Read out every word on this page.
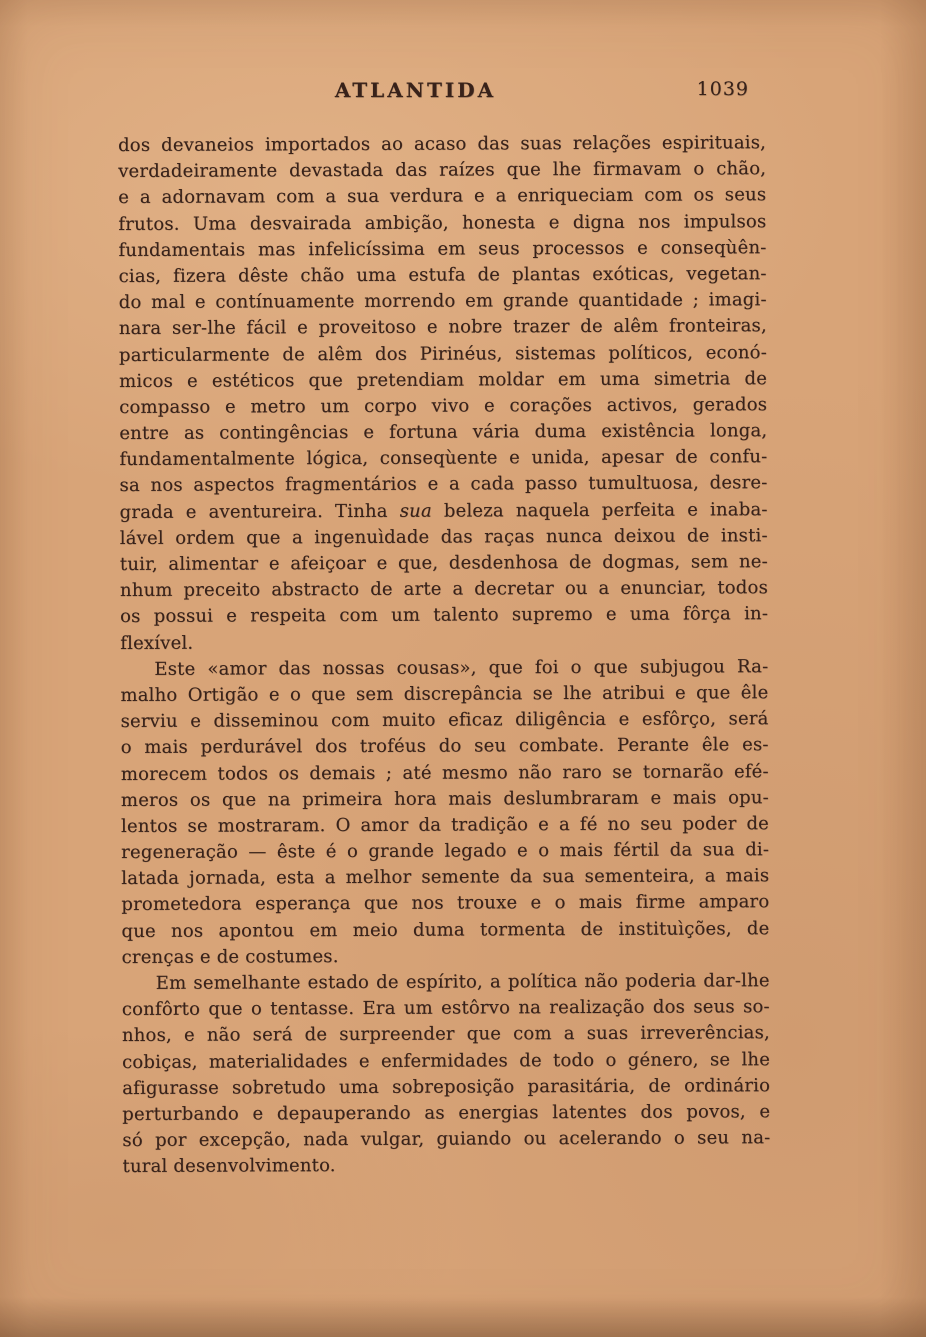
ATLANTIDA	1039
dos devaneios importados ao acaso das suas relações espirituais,
verdadeiramente devastada das raízes que lhe firmavam o chão,
e a adornavam com a sua verdura e a enriqueciam com os seus
frutos. Uma desvairada ambição, honesta e digna nos impulsos
fundamentais mas infelicíssima em seus processos e conseqùên-
cias, fizera dêste chão uma estufa de plantas exóticas, vegetan-
do mal e contínuamente morrendo em grande quantidade ; imagi-
nara ser-lhe fácil e proveitoso e nobre trazer de alêm fronteiras,
particularmente de alêm dos Pirinéus, sistemas políticos, econó-
micos e estéticos que pretendiam moldar em uma simetria de
compasso e metro um corpo vivo e corações activos, gerados
entre as contingências e fortuna vária duma existência longa,
fundamentalmente lógica, conseqùente e unida, apesar de confu-
sa nos aspectos fragmentários e a cada passo tumultuosa, desre-
grada e aventureira. Tinha sua beleza naquela perfeita e inaba-
lável ordem que a ingenuìdade das raças nunca deixou de insti-
tuir, alimentar e afeiçoar e que, desdenhosa de dogmas, sem ne-
nhum preceito abstracto de arte a decretar ou a enunciar, todos
os possui e respeita com um talento supremo e uma fôrça in-
flexível.
Este «amor das nossas cousas», que foi o que subjugou Ra-
malho Ortigão e o que sem discrepância se lhe atribui e que êle
serviu e disseminou com muito eficaz diligência e esfôrço, será
o mais perdurável dos troféus do seu combate. Perante êle es-
morecem todos os demais ; até mesmo não raro se tornarão efé-
meros os que na primeira hora mais deslumbraram e mais opu-
lentos se mostraram. O amor da tradição e a fé no seu poder de
regeneração — êste é o grande legado e o mais fértil da sua di-
latada jornada, esta a melhor semente da sua sementeira, a mais
prometedora esperança que nos trouxe e o mais firme amparo
que nos apontou em meio duma tormenta de instituìções, de
crenças e de costumes.
Em semelhante estado de espírito, a política não poderia dar-lhe
confôrto que o tentasse. Era um estôrvo na realização dos seus so-
nhos, e não será de surpreender que com a suas irreverências,
cobiças, materialidades e enfermidades de todo o género, se lhe
afigurasse sobretudo uma sobreposição parasitária, de ordinário
perturbando e depauperando as energias latentes dos povos, e
só por excepção, nada vulgar, guiando ou acelerando o seu na-
tural desenvolvimento.
